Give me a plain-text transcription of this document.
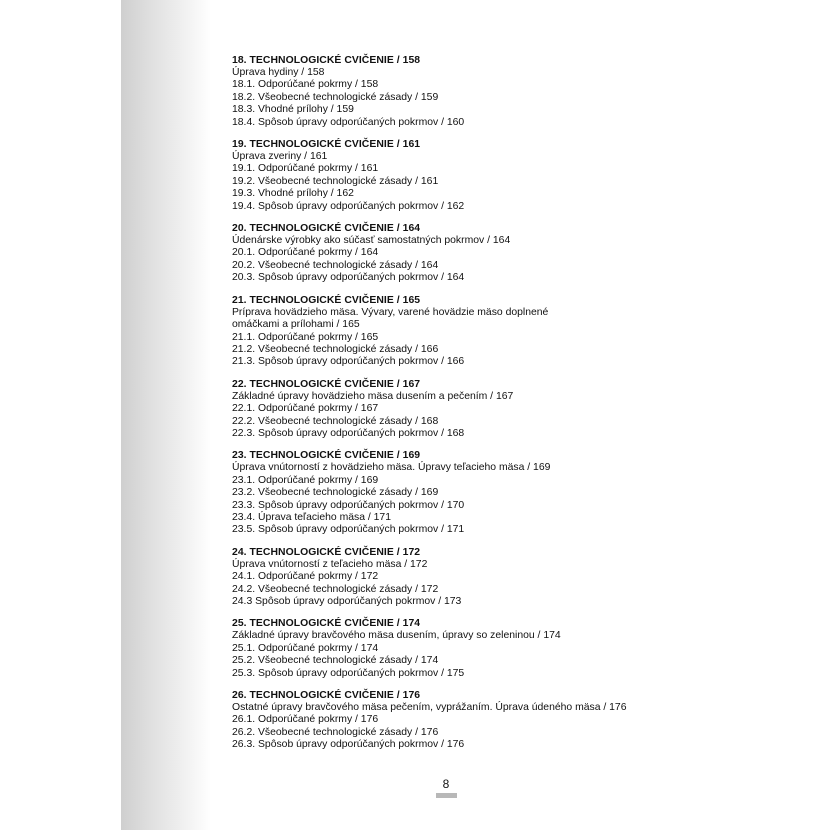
18. TECHNOLOGICKÉ CVIČENIE / 158
Úprava hydiny / 158
18.1. Odporúčané pokrmy / 158
18.2. Všeobecné technologické zásady / 159
18.3. Vhodné prílohy / 159
18.4. Spôsob úpravy odporúčaných pokrmov / 160
19. TECHNOLOGICKÉ CVIČENIE / 161
Úprava zveriny / 161
19.1. Odporúčané pokrmy / 161
19.2. Všeobecné technologické zásady / 161
19.3. Vhodné prílohy / 162
19.4. Spôsob úpravy odporúčaných pokrmov / 162
20. TECHNOLOGICKÉ CVIČENIE / 164
Údenárske výrobky ako súčasť samostatných pokrmov / 164
20.1. Odporúčané pokrmy / 164
20.2. Všeobecné technologické zásady / 164
20.3. Spôsob úpravy odporúčaných pokrmov / 164
21. TECHNOLOGICKÉ CVIČENIE / 165
Príprava hovädzieho mäsa. Vývary, varené hovädzie mäso doplnené
omáčkami a prílohami / 165
21.1. Odporúčané pokrmy / 165
21.2. Všeobecné technologické zásady / 166
21.3. Spôsob úpravy odporúčaných pokrmov / 166
22. TECHNOLOGICKÉ CVIČENIE / 167
Základné úpravy hovädzieho mäsa dusením a pečením / 167
22.1. Odporúčané pokrmy / 167
22.2. Všeobecné technologické zásady / 168
22.3. Spôsob úpravy odporúčaných pokrmov / 168
23. TECHNOLOGICKÉ CVIČENIE / 169
Úprava vnútorností z hovädzieho mäsa. Úpravy teľacieho mäsa / 169
23.1. Odporúčané pokrmy / 169
23.2. Všeobecné technologické zásady / 169
23.3. Spôsob úpravy odporúčaných pokrmov / 170
23.4. Úprava teľacieho mäsa / 171
23.5. Spôsob úpravy odporúčaných pokrmov / 171
24. TECHNOLOGICKÉ CVIČENIE / 172
Úprava vnútorností z teľacieho mäsa / 172
24.1. Odporúčané pokrmy / 172
24.2. Všeobecné technologické zásady / 172
24.3 Spôsob úpravy odporúčaných pokrmov / 173
25. TECHNOLOGICKÉ CVIČENIE / 174
Základné úpravy bravčového mäsa dusením, úpravy so zeleninou / 174
25.1. Odporúčané pokrmy / 174
25.2. Všeobecné technologické zásady / 174
25.3. Spôsob úpravy odporúčaných pokrmov / 175
26. TECHNOLOGICKÉ CVIČENIE / 176
Ostatné úpravy bravčového mäsa pečením, vyprážaním. Úprava údeného mäsa / 176
26.1. Odporúčané pokrmy / 176
26.2. Všeobecné technologické zásady / 176
26.3. Spôsob úpravy odporúčaných pokrmov / 176
8
